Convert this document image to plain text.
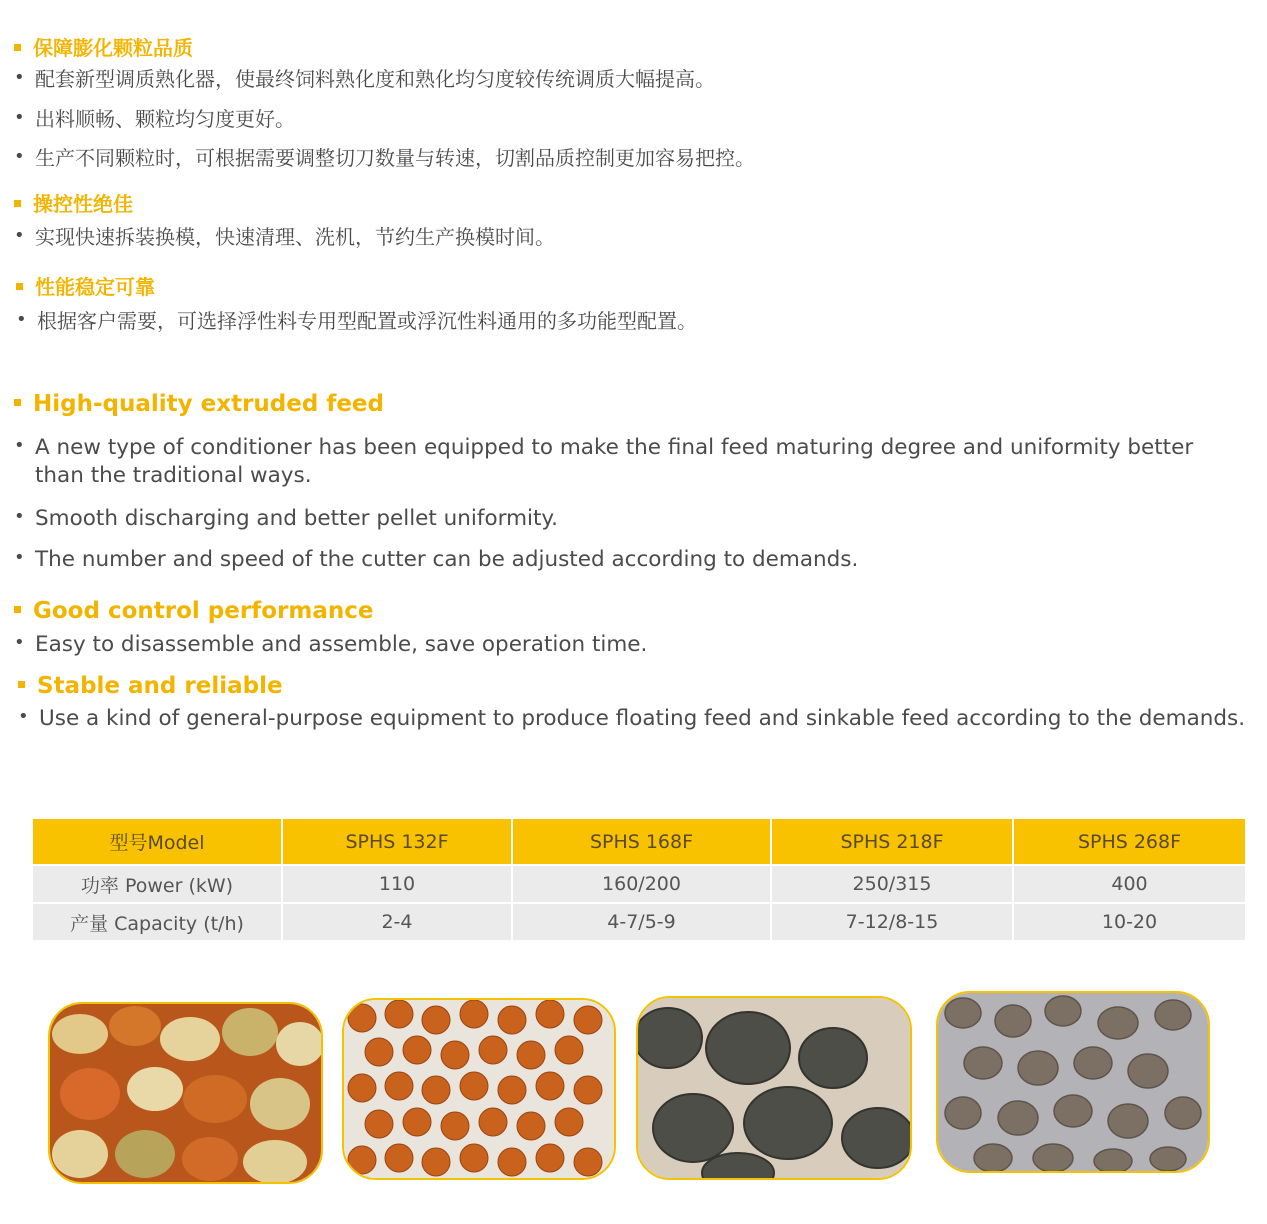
保障膨化颗粒品质
• 配套新型调质熟化器，使最终饲料熟化度和熟化均匀度较传统调质大幅提高。
• 出料顺畅、颗粒均匀度更好。
• 生产不同颗粒时，可根据需要调整切刀数量与转速，切割品质控制更加容易把控。
操控性绝佳
• 实现快速拆装换模，快速清理、洗机，节约生产换模时间。
性能稳定可靠
• 根据客户需要，可选择浮性料专用型配置或浮沉性料通用的多功能型配置。
High-quality extruded feed
• A new type of conditioner has been equipped to make the final feed maturing degree and uniformity better than the traditional ways.
• Smooth discharging and better pellet uniformity.
• The number and speed of the cutter can be adjusted according to demands.
Good control performance
• Easy to disassemble and assemble, save operation time.
Stable and reliable
• Use a kind of general-purpose equipment to produce floating feed and sinkable feed according to the demands.
型号Model	SPHS 132F	SPHS 168F	SPHS 218F	SPHS 268F
功率 Power (kW)	110	160/200	250/315	400
产量 Capacity (t/h)	2-4	4-7/5-9	7-12/8-15	10-20
